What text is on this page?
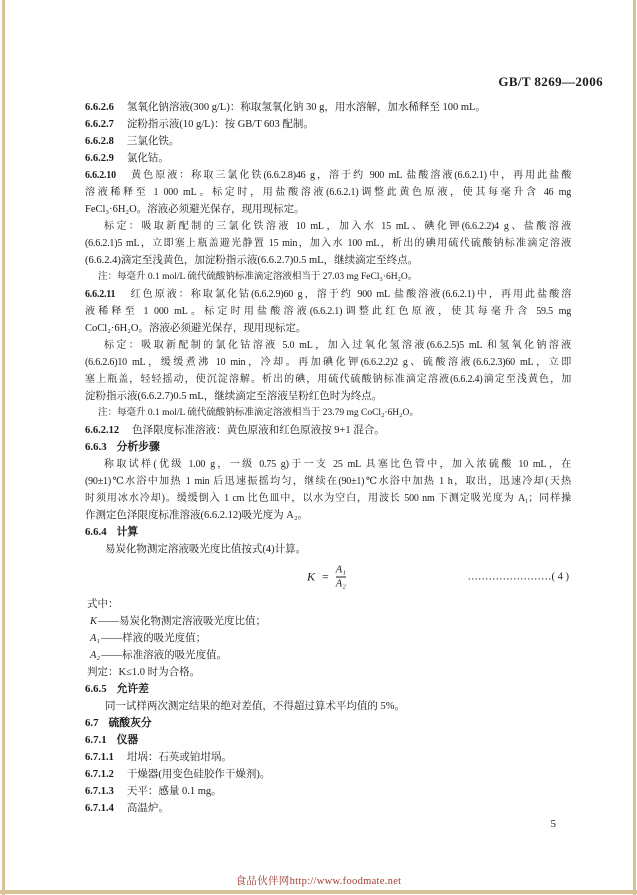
GB/T 8269—2006
6.6.2.6 氢氧化钠溶液(300 g/L)：称取氢氧化钠 30 g，用水溶解，加水稀释至 100 mL。
6.6.2.7 淀粉指示液(10 g/L)：按 GB/T 603 配制。
6.6.2.8 三氯化铁。
6.6.2.9 氯化钴。
6.6.2.10 黄色原液：称取三氯化铁(6.6.2.8)46 g，溶于约 900 mL 盐酸溶液(6.6.2.1)中，再用此盐酸
溶液稀释至 1 000 mL。标定时，用盐酸溶液(6.6.2.1)调整此黄色原液，使其每毫升含 46 mg
FeCl₃·6H₂O。溶液必须避光保存，现用现标定。
标定：吸取新配制的三氯化铁溶液 10 mL，加入水 15 mL、碘化钾(6.6.2.2)4 g、盐酸溶液
(6.6.2.1)5 mL，立即塞上瓶盖避光静置 15 min，加入水 100 mL，析出的碘用硫代硫酸钠标准滴定溶液
(6.6.2.4)滴定至浅黄色，加淀粉指示液(6.6.2.7)0.5 mL，继续滴定至终点。
注：每毫升 0.1 mol/L 硫代硫酸钠标准滴定溶液相当于 27.03 mg FeCl₃·6H₂O。
6.6.2.11 红色原液：称取氯化钴(6.6.2.9)60 g，溶于约 900 mL 盐酸溶液(6.6.2.1)中，再用此盐酸溶
液稀释至 1 000 mL。标定时用盐酸溶液(6.6.2.1)调整此红色原液，使其每毫升含 59.5 mg
CoCl₂·6H₂O。溶液必须避光保存，现用现标定。
标定：吸取新配制的氯化钴溶液 5.0 mL，加入过氧化氢溶液(6.6.2.5)5 mL 和氢氧化钠溶液
(6.6.2.6)10 mL，缓缓煮沸 10 min，冷却。再加碘化钾(6.6.2.2)2 g、硫酸溶液(6.6.2.3)60 mL，立即
塞上瓶盖，轻轻摇动，使沉淀溶解。析出的碘，用硫代硫酸钠标准滴定溶液(6.6.2.4)滴定至浅黄色，加
淀粉指示液(6.6.2.7)0.5 mL，继续滴定至溶液呈粉红色时为终点。
注：每毫升 0.1 mol/L 硫代硫酸钠标准滴定溶液相当于 23.79 mg CoCl₂·6H₂O。
6.6.2.12 色泽限度标准溶液：黄色原液和红色原液按 9+1 混合。
6.6.3 分析步骤
称取试样(优级 1.00 g，一级 0.75 g)于一支 25 mL 具塞比色管中，加入浓硫酸 10 mL，在
(90±1)℃水浴中加热 1 min 后迅速振摇均匀，继续在(90±1)℃水浴中加热 1 h，取出，迅速冷却(天热
时须用冰水冷却)。缓缓倒入 1 cm 比色皿中，以水为空白，用波长 500 nm 下测定吸光度为 A₁；同样操
作测定色泽限度标准溶液(6.6.2.12)吸光度为 A₂。
6.6.4 计算
易炭化物测定溶液吸光度比值按式(4)计算。
$K = \frac{\text{A₁}}{\text{A₂}}$	……………………( 4 )
式中：
K——易炭化物测定溶液吸光度比值；
A₁——样液的吸光度值；
A₂——标准溶液的吸光度值。
判定：K≤1.0 时为合格。
6.6.5 允许差
同一试样两次测定结果的绝对差值，不得超过算术平均值的 5%。
6.7 硫酸灰分
6.7.1 仪器
6.7.1.1 坩埚：石英或铂坩埚。
6.7.1.2 干燥器(用变色硅胶作干燥剂)。
6.7.1.3 天平：感量 0.1 mg。
6.7.1.4 高温炉。
5
食品伙伴网http://www.foodmate.net
